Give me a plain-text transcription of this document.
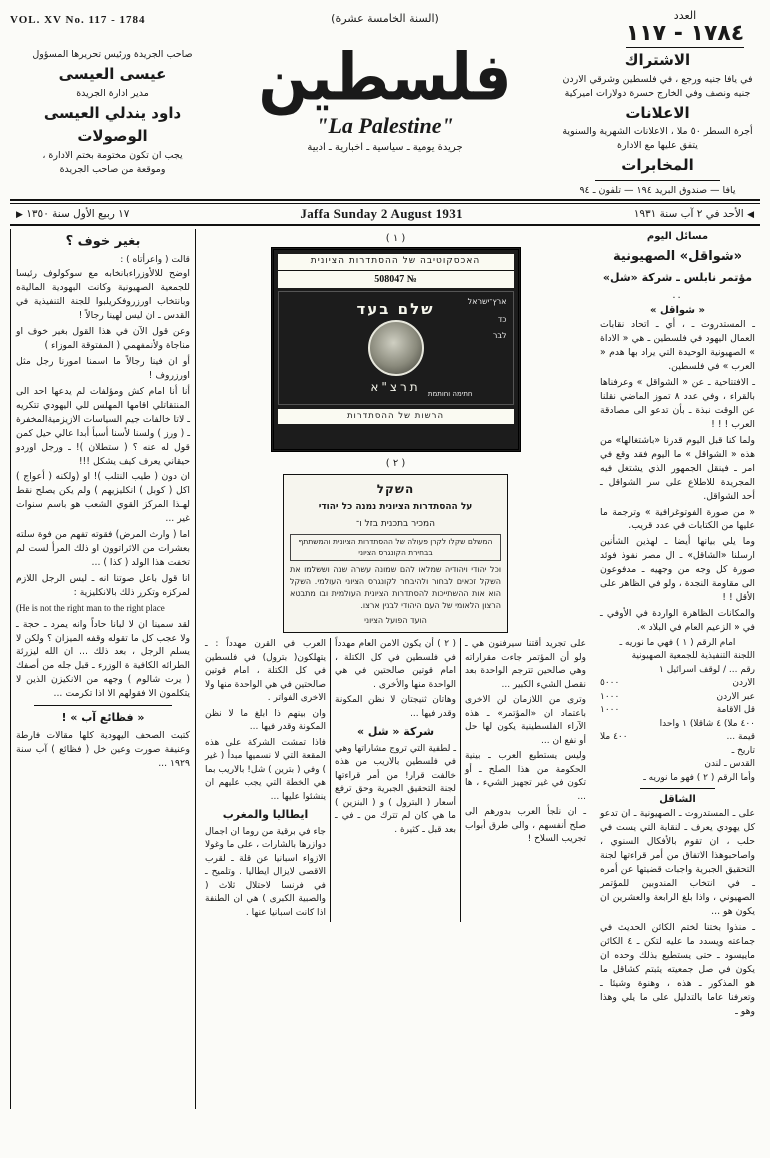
العدد
١٧٨٤ - ١١٧
(السنة الخامسة عشرة)
VOL. XV No. 117 - 1784
الاشتراك
في يافا جنيه ورجع ، في فلسطين وشرقي الاردن
جنيه ونصف وفي الخارج حسرة دولارات اميركية
الاعلانات
أجرة السطر ٥٠ ملا ، الاعلانات الشهرية والسنوية
يتفق عليها مع الادارة
المخابرات
يافا — صندوق البريد ١٩٤ — تلفون ـ ٩٤
فلسطين
"La Palestine"
جريدة يومية ـ سياسية ـ اخبارية ـ ادبية
صاحب الجريدة ورئيس تحريرها المسؤول
عيسى العيسى
مدير ادارة الجريدة
داود يندلي العيسى
الوصولات
يجب ان تكون مختومة بختم الادارة ،
وموقعة من صاحب الجريدة
◀ الأحد في ٢ آب سنة ١٩٣١
Jaffa Sunday 2 August 1931
١٧ ربيع الأول سنة ١٣٥٠ ▶
مسائل اليوم
«شواقل» الصهيونية
مؤتمر نابلس ـ شركة «شل»
..
« شواقل »

ـ المستدروت ـ ، أي ـ اتحاد نقابات العمال اليهود في فلسطين ـ هي « الاداة » الصهيونية الوحيدة التي يراد بها هدم « العرب » في فلسطين.

ـ الافتتاحية ـ عن « الشواقل » وعرفناها بالقراء ، وفي عدد ٨ تموز الماضي نقلنا عن الوقت نبذة ـ بأن تدعو الى مصادقة العرب ! ! !

ولما كنا قبل اليوم قدرنا «باشتغالها» من هذه « الشواقل » ما اليوم فقد وقع في امر ـ فينقل الجمهور الذي يشتغل فيه المجريدة للاطلاع على سر الشواقل ـ أحد الشواقل.

« من صورة الفوتوغرافية » وترجمة ما عليها من الكتابات في عدد قريب.

وما يلي بيانها أيضا ـ لهذين الشأنين ارسلنا «الشاقل» ـ ال مصر نفوذ فوئد صورة كل وجه من وجهيه ـ مدفوعون الى مقاومة النجدة ، ولو في الظاهر على الأقل ! !

والمكانات الظاهرة الواردة في الأوفي ـ في « الزعيم العام في البلاد ».

امام الرقم ( ١ ) فهي ما نوريه ـ
اللجنة التنفيذية للجمعية الصهيونية
رقم ... / لوقف اسرائيل ١
الاردن
٥٠٠٠
عبر الاردن
١٠٠٠
قل الاقامة
١٠٠٠
٤٠٠ ملا) ٤ شاقلا) ١ واحدا
قيمة ...
٤٠٠ ملا
تاريخ ـ
القدس ـ لندن
وأما الرقم ( ٢ ) فهو ما نوريه ـ
الشاقل

على ـ المستدروت ـ الصهيونية ـ ان تدعو كل يهودي يعرف ـ لنقابة التي يست في حلب ، ان تقوم بالأفكال السنوي ، واصاحبوهذا الاتفاق من أمر قراءتها لجنة التحقيق الجبرية واجبات قضيتها عن أمره ـ في انتخاب المندوبين للمؤتمر الصهيوني ، واذا بلغ الرابعة والعشرين ان يكون هو ...

ـ منذوا بختنا لختم الكائن الحديث في جماعته ويسدد ما عليه لتكن ـ ٤ الكائن ماييسود ـ حتى يستطيع بذلك وحده ان يكون في صل جمعيته يثبتم كشاقل ما هو المذكور ـ هذه ، وهنوة وشيئا ـ وتعرفنا عاما بالتدليل على ما يلي وهذا وهو ـ

( ١ )
האכסקוטיבה של ההסתדרות הציונית
№ 508047
שלם בעד
תרצ"א
ארץ־ישראל
כד
לבר
חתימה וחותמת
הרשות של ההסתדרות
( ٢ )
השקל
על ההסתדרות הציונית נמנה כל יהודי
המכיר בתכנית בזל ו־
המשלם שקלו לקרן פעולה של ההסתדרות הציונית והמשתתף בבחירת הקונגרס הציוני
וכל יהודי ויהודיה שמלאו להם שמונה עשרה שנה וששלמו את השקל זכאים לבחור ולהיבחר לקונגרס הציוני העולמי. השקל הוא אות ההשתייכות להסתדרות הציונית העולמית ובו מתבטא הרצון הלאומי של העם היהודי לבנין ארצו.
הועד הפועל הציוני

على تجريد أقتنا سيرفنون هي ـ ولو أن المؤتمر جاءت مقراراته وهي صالحين تترجم الواحدة بعد نقصل الشيء الكبير ...

وترى من اللازمان لن الاخرى باعتماد ان «المؤتمر» ـ هذه الآراء الفلسطينية يكون لها حل أو نفع ان ...

وليس يستطيع العرب ـ بينية الحكومة من هذا الصلح ـ أو تكون في غير تجهيز الشيء ، ها ...

ـ ان نلجأ العرب بدورهم الى صلح أنفسهم ، والى طرق أبواب تجريب السلاح !

( ٢ ) أن يكون الامن العام مهدداً في فلسطين في كل الكتلة ، امام قوتين صالحتين في هي الواحدة منها والأخرى .

وهاتان ثنيجتان لا نظن المكونة وقدر فيها ...

شركة « شل »

ـ لطفية التي تروج مشاراتها وهي في فلسطين بالاريب من هذه خالفت قرار! من أمر قراءتها لجنة التحقيق الجبرية وحق ترفع أسعار ( البترول ) و ( البنزين ) ما هي كان لم تترك من ـ في ـ بعد قبل ـ كثيرة .

العرب في القرن مهدداً : ـ يتهلكون( بترول) في فلسطين في كل الكتلة ، امام قوتين صالحتين في هي الواحدة منها ولا الاخرى الفواتر .

وان بينهم ذا ابلغ ما لا نظن المكونة وقدر فيها ...

فاذا تمشت الشركة على هذه المقعة التي لا نسميها مبدأ ( غير ) وفي ( بترين ) شل! بالاريب بما هي الخطة التي يجب عليهم ان ينشئوا عليها ...

ايطاليا والمغرب

جاء في برقية من روما ان اجمال دوازرها بالشارات ، على ما وغولا الازواء اسبانيا عن قلة ـ لقرب الاقصى لايزال ايطاليا . وتلميح ـ في فرنسا لاحتلال ثلاث ( والصبية الكبرى ) هي ان الطنفة اذا كانت اسبانيا عنها .

بغير خوف ؟
قالت ( واعرأتاه ) :

اوضح للالأوزراءبانخابه مع سوكولوف رئيسا للجمعية الصهيونية وكانت البهودية الماليةه وبانتخاب اورزروفكريلبوا للجنة التنفيذية في القدس ـ ان ليس لهينا رجالاً !

وعن قول الآن في هذا القول بغير خوف او مناجاة ولأنمفهمي ( المفتوقة الموزاء )

أو ان فينا رجالاً ما اسمنا امورنا رجل مثل اورزروف !

أنا أنا امام كش ومؤلفات لم يدعها احد الى المنتقاتلي اقامها المهلس للي اليهودي تتكريه ـ لاتا خالفات جيم السياسات الازيزميةالمخفرة ـ ( ورز ) ولسنا لأسنا أسبأ أبدا عالي حيل كمن قول له عنه ؟ ( ستطلان )! ـ ورجل اوردو حيقاني يعرف كيف يشكل !!!

ان دون ( طيب النتلب )! او (ولكنه ( أعواج ) اكل ( كوبل ) انكليزيهم ) ولم يكن يصلح نقط لهـذا المركز القوي الشعب هو باسم سنوات غير ...

اما ( وارث المرض) فقوته تفهم من فوة سلته بعشرات من الاثراتوون او ذلك المرأ لست لم تخفت هذا الولد ( كذا ) ...

انا قول باعل صوتنا انه ـ ليس الرجل اللازم لمركزه وتكرر ذلك بالانكليزية :

(He is not the right man to the right place

لقد سمينا ان لا لبانا حاداً وانه يمرد ـ حجة ـ ولا عجب كل ما تقوله وقفه الميزان ؟ ولكن لا يسلم الرجل ، بعد ذلك ... ان الله ليزرئة الطرائه الكافية ة الوزرء ـ قبل جله من أصفك ( يرت شالوم ) وجهه من الانكيزن الذين لا يتكلمون الا فقولهم الا اذا تكرمت ...

« فظائع آب » !

كتبت الصحف اليهودية كلها مقالات فارطة وعنيفة صورت وعين خل ( فظائع ) آب سنة ١٩٢٩ ...
